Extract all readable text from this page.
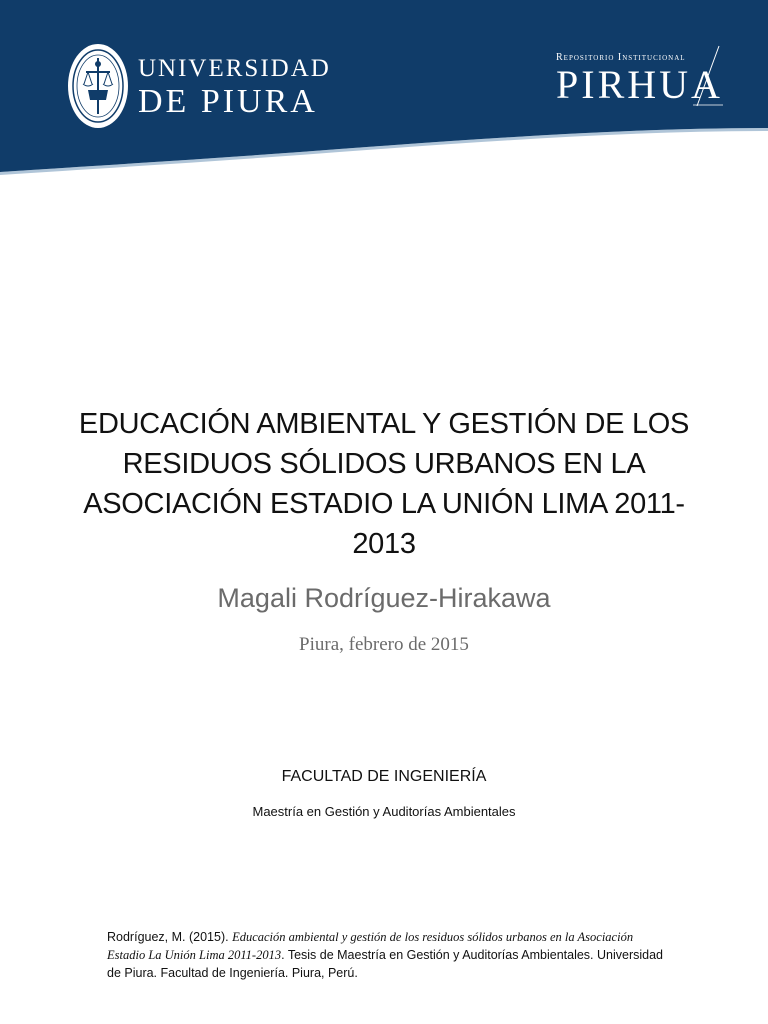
UNIVERSIDAD
DE PIURA
Repositorio Institucional
PIRHUA
EDUCACIÓN AMBIENTAL Y GESTIÓN DE LOS RESIDUOS SÓLIDOS URBANOS EN LA ASOCIACIÓN ESTADIO LA UNIÓN LIMA 2011-2013
Magali Rodríguez-Hirakawa
Piura, febrero de 2015
FACULTAD DE INGENIERÍA
Maestría en Gestión y Auditorías Ambientales
Rodríguez, M. (2015). Educación ambiental y gestión de los residuos sólidos urbanos en la Asociación Estadio La Unión Lima 2011-2013. Tesis de Maestría en Gestión y Auditorías Ambientales. Universidad de Piura. Facultad de Ingeniería. Piura, Perú.
